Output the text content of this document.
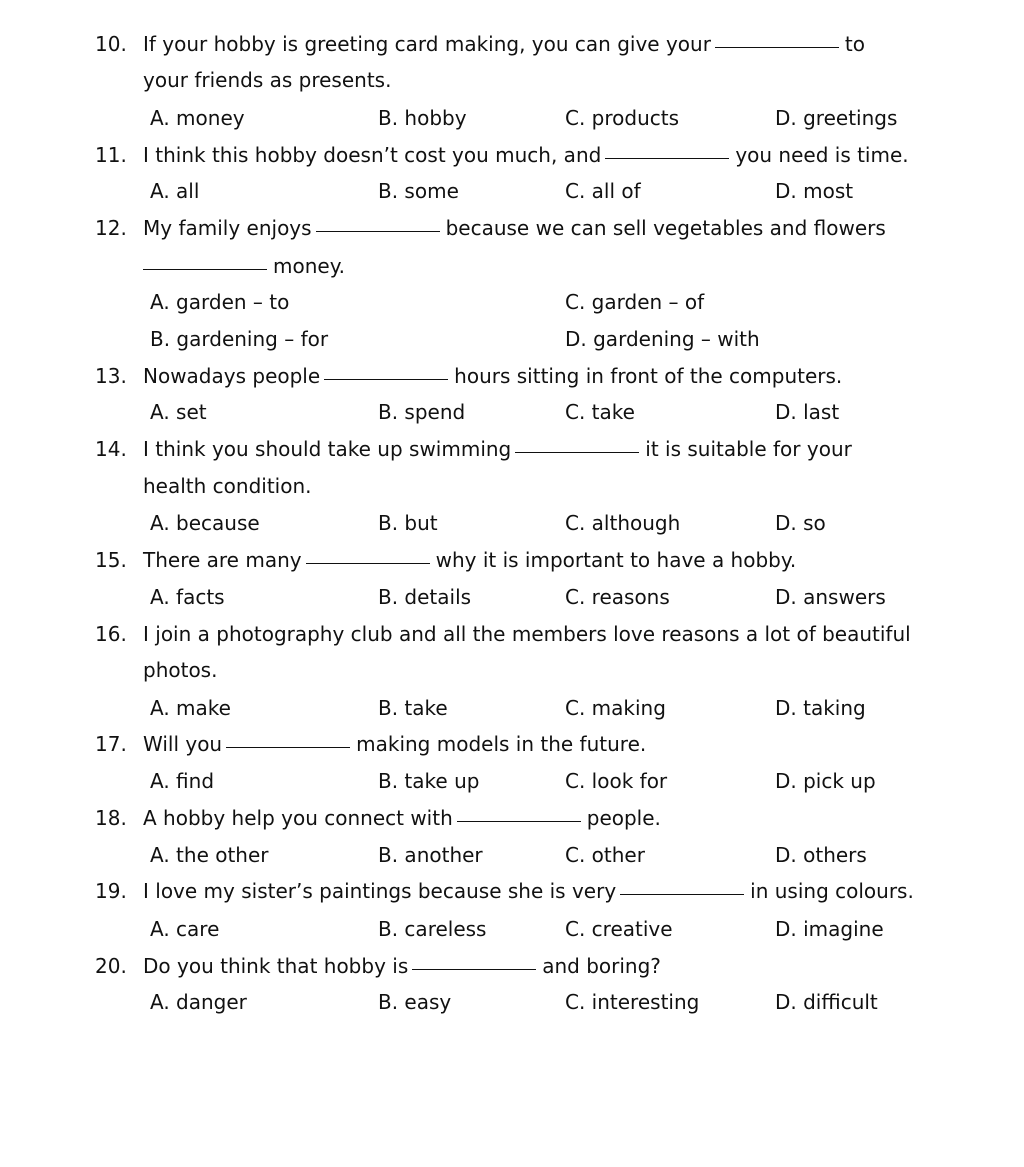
10.

If your hobby is greeting card making, you can give your	to

your friends as presents.

A. money

	B. hobby

	C. products

	D. greetings

11.

I think this hobby doesn’t cost you much, and	you need is time.

A. all

	B. some

	C. all of

	D. most

12.

My family enjoys	because we can sell vegetables and flowers

money.

A. garden – to

	C. garden – of

B. gardening – for

	D. gardening – with

13.

Nowadays people	hours sitting in front of the computers.

A. set

	B. spend

	C. take

	D. last

14.

I think you should take up swimming	it is suitable for your

health condition.

A. because

	B. but

	C. although

	D. so

15.

There are many	why it is important to have a hobby.

A. facts

	B. details

	C. reasons

	D. answers

16.

I join a photography club and all the members love reasons a lot of beautiful

photos.

A. make

	B. take

	C. making

	D. taking

17.

Will you	making models in the future.

A. find

	B. take up

	C. look for

	D. pick up

18.

A hobby help you connect with	people.

A. the other

	B. another

	C. other

	D. others

19.

I love my sister’s paintings because she is very	in using colours.

A. care

	B. careless

	C. creative

	D. imagine

20.

Do you think that hobby is	and boring?

A. danger

	B. easy

	C. interesting

	D. difficult
